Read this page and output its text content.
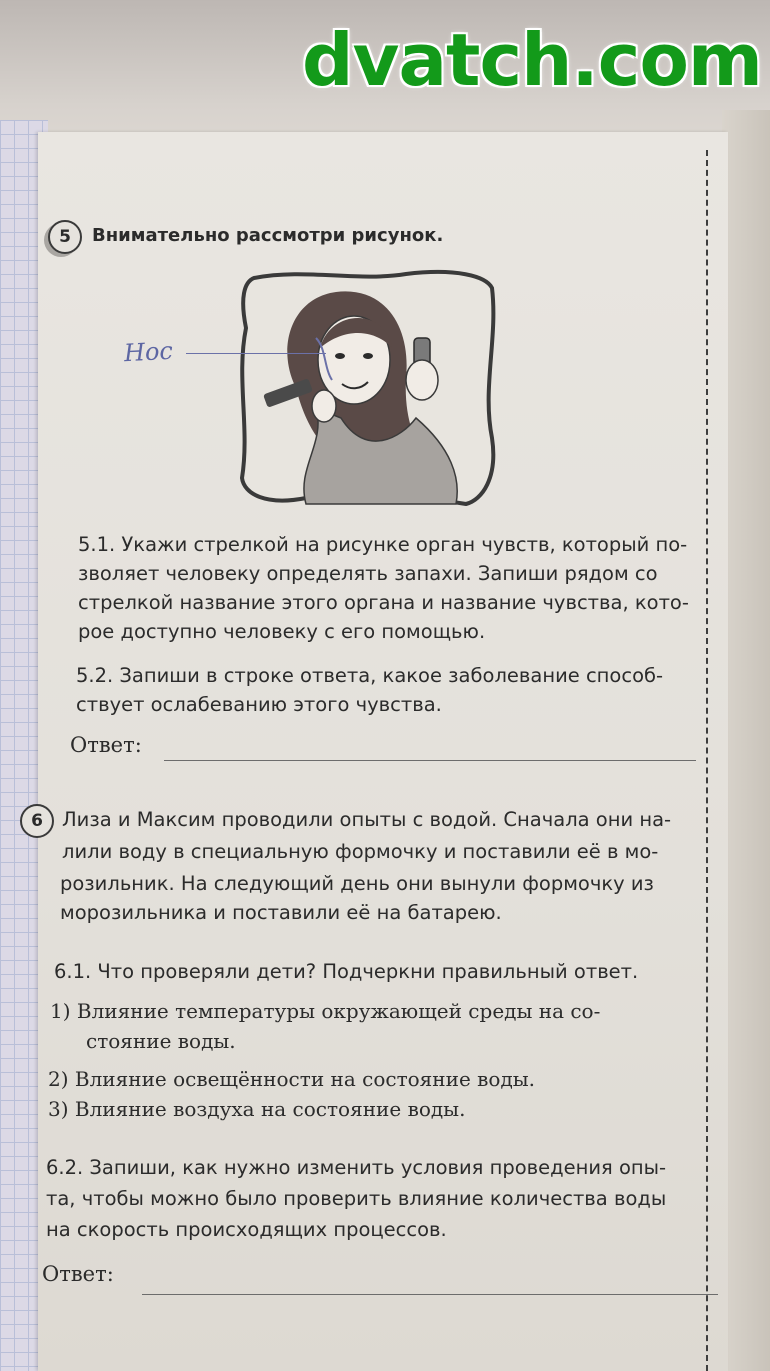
dvatch.com
5	Внимательно рассмотри рисунок.
Нос
5.1. Укажи стрелкой на рисунке орган чувств, который по-
зволяет человеку определять запахи. Запиши рядом со
стрелкой название этого органа и название чувства, кото-
рое доступно человеку с его помощью.
5.2. Запиши в строке ответа, какое заболевание способ-
ствует ослабеванию этого чувства.
Ответ:
6 Лиза и Максим проводили опыты с водой. Сначала они на-
лили воду в специальную формочку и поставили её в мо-
розильник. На следующий день они вынули формочку из
морозильника и поставили её на батарею.
6.1. Что проверяли дети? Подчеркни правильный ответ.
1) Влияние температуры окружающей среды на со-
стояние воды.
2) Влияние освещённости на состояние воды.
3) Влияние воздуха на состояние воды.
6.2. Запиши, как нужно изменить условия проведения опы-
та, чтобы можно было проверить влияние количества воды
на скорость происходящих процессов.
Ответ:
